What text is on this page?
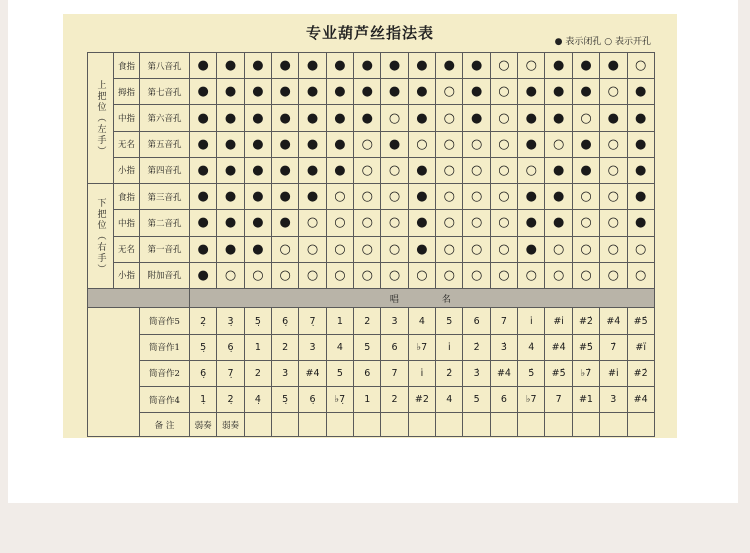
专业葫芦丝指法表	● 表示闭孔 ○ 表示开孔
上把位（左手）	食指	第八音孔	●	●	●	●	●	●	●	●	●	●	●	○	○	●	●	●	○
	拇指	第七音孔	●	●	●	●	●	●	●	●	●	○	●	○	●	●	●	○	●
	中指	第六音孔	●	●	●	●	●	●	●	○	●	○	●	○	●	●	○	●	●
	无名	第五音孔	●	●	●	●	●	●	○	●	○	○	○	○	●	○	●	○	●
	小指	第四音孔	●	●	●	●	●	●	○	○	●	○	○	○	○	●	●	○	●
下把位（右手）	食指	第三音孔	●	●	●	●	●	○	○	○	●	○	○	○	●	●	○	○	●
	中指	第二音孔	●	●	●	●	○	○	○	○	●	○	○	○	●	●	○	○	●
	无名	第一音孔	●	●	●	○	○	○	○	○	●	○	○	○	●	○	○	○	○
	小指	附加音孔	●	○	○	○	○	○	○	○	○	○	○	○	○	○	○	○	○
			唱 名																
		筒音作5	2̣	3̣	5̣	6̣	7̣	1	2	3	4	5	6	7	i̇	#i̇	#2̇	#4̇	#5̇
		筒音作1	5̣	6̣	1	2	3	4	5	6	♭7	i̇	2̇	3̇	4̇	#4̇	#5̇	7̇	#ï
		筒音作2	6̣	7̣	2	3	#4	5	6	7	i̇	2̇	3̇	#4̇	5̇	#5̇	♭7̇	#i̇	#2̇
		筒音作4	1̣	2̣	4̣	5̣	6̣	♭7̣	1	2	#2	4	5	6	♭7	7	#1	3	#4
		备 注	弱奏	弱奏															
